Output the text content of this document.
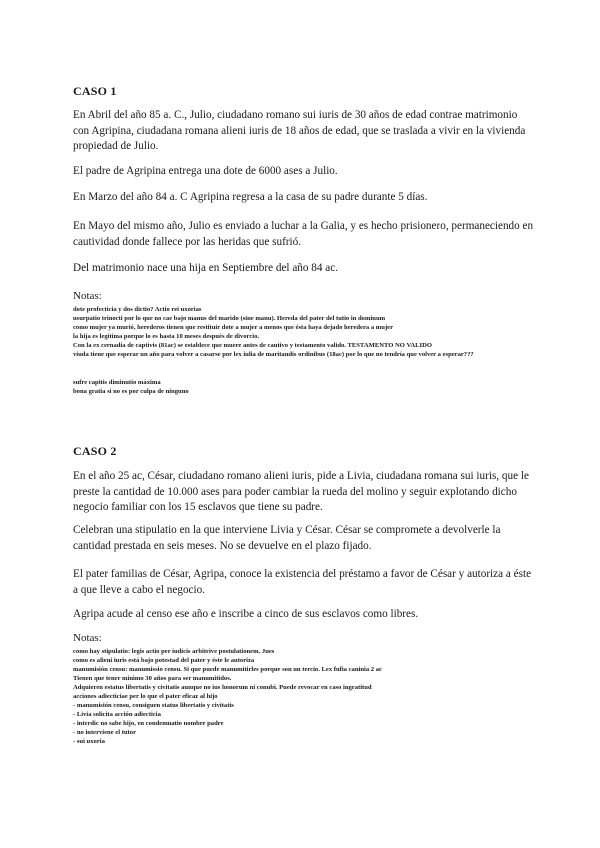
CASO 1
En Abril del año 85 a. C., Julio, ciudadano romano sui iuris de 30 años de edad contrae matrimonio con Agripina, ciudadana romana alieni iuris de 18 años de edad, que se traslada a vivir en la vivienda propiedad de Julio.
El padre de Agripina entrega una dote de 6000 ases a Julio.
En Marzo del año 84 a. C Agripina regresa a la casa de su padre durante 5 días.
En Mayo del mismo año, Julio es enviado a luchar a la Galia, y es hecho prisionero, permaneciendo en cautividad donde fallece por las heridas que sufrió.
Del matrimonio nace una hija en Septiembre del año 84 ac.
Notas:
dote profecticia y dos dictio? Actio rei uxorias
usurpatio trinocti por lo que no cae bajo manus del marido (sine manu). Hereda del pater del tutio in dominum
como mujer ya murió, herederos tienen que restituir dote a mujer a menos que ésta haya dejado heredera a mujer
la hija es legítima porque lo es hasta 10 meses después de divorcio.
Con la ex cernadia de captivis (81ac) se establece que muere antes de cautivo y testamento valido. TESTAMENTO NO VALIDO
viuda tiene que esperar un año para volver a casarse por lex iulia de maritandis ordinibus (18ac) por lo que no tendría que volver a esperar???
sufre capitis diminutio máxima
bona gratia si no es por culpa de ninguno
CASO 2
En el año 25 ac, César, ciudadano romano alieni iuris, pide a Livia, ciudadana romana sui iuris, que le preste la cantidad de 10.000 ases para poder cambiar la rueda del molino y seguir explotando dicho negocio familiar con los 15 esclavos que tiene su padre.
Celebran una stipulatio en la que interviene Livia y César. César se compromete a devolverle la cantidad prestada en seis meses. No se devuelve en el plazo fijado.
El pater familias de César, Agripa, conoce la existencia del préstamo a favor de César y autoriza a éste a que lleve a cabo el negocio.
Agripa acude al censo ese año e inscribe a cinco de sus esclavos como libres.
Notas:
como hay stipulatio: legis actio per iudicis arbitrive postulationem. Jues
como es alieni iuris está bajo potestad del pater y éste le autoriza
manumisión censu: manumissio censu. Si que puede manumitirles porque son un tercio. Lex fufia caninia 2 ac
Tienen que tener mínimo 30 años para ser manumitidos.
Adquieren estatus libertatis y civitatis aunque no ius honorum ni conubi. Puede revocar en caso ingratitud
acciones adiecticiae per lo que el pater eficaz al hijo
- manumisión censu, consiguen status libertatis y civitatis
- Livia solicita acción adiecticia
- interdic no sabe hijo, en condemnatio nombre padre
- no interviene el tutor
- sui uxoria
